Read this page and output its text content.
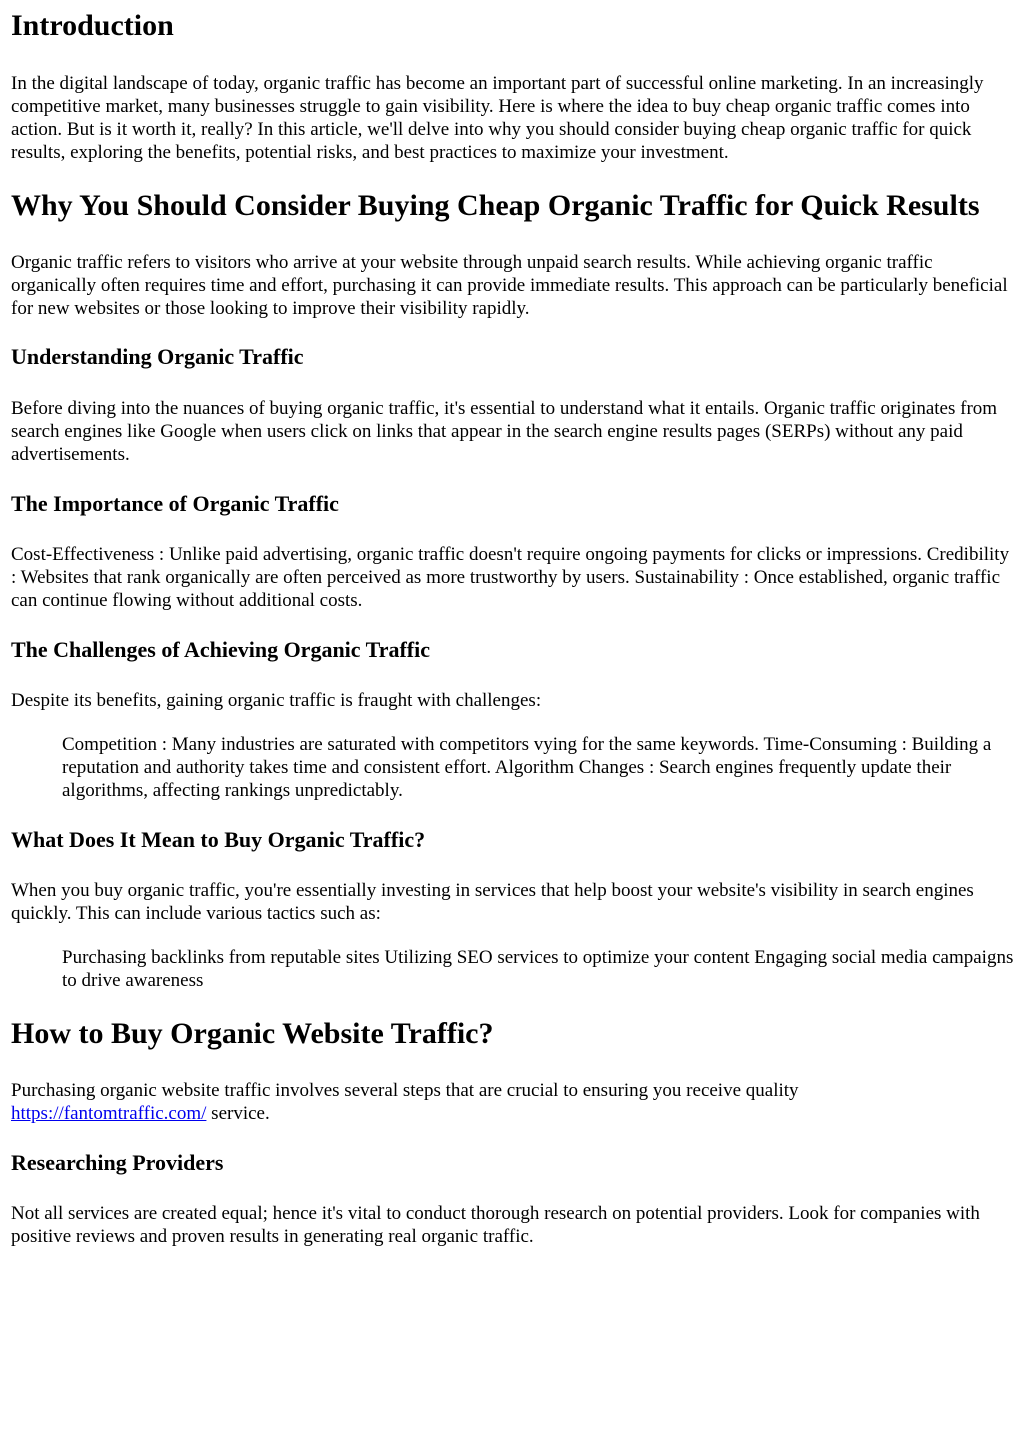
Introduction

In the digital landscape of today, organic traffic has become an important part of successful online marketing. In an increasingly competitive market, many businesses struggle to gain visibility. Here is where the idea to buy cheap organic traffic comes into action. But is it worth it, really? In this article, we'll delve into why you should consider buying cheap organic traffic for quick results, exploring the benefits, potential risks, and best practices to maximize your investment.

Why You Should Consider Buying Cheap Organic Traffic for Quick Results

Organic traffic refers to visitors who arrive at your website through unpaid search results. While achieving organic traffic organically often requires time and effort, purchasing it can provide immediate results. This approach can be particularly beneficial for new websites or those looking to improve their visibility rapidly.

Understanding Organic Traffic

Before diving into the nuances of buying organic traffic, it's essential to understand what it entails. Organic traffic originates from search engines like Google when users click on links that appear in the search engine results pages (SERPs) without any paid advertisements.

The Importance of Organic Traffic

Cost-Effectiveness : Unlike paid advertising, organic traffic doesn't require ongoing payments for clicks or impressions. Credibility : Websites that rank organically are often perceived as more trustworthy by users. Sustainability : Once established, organic traffic can continue flowing without additional costs.

The Challenges of Achieving Organic Traffic

Despite its benefits, gaining organic traffic is fraught with challenges:

Competition : Many industries are saturated with competitors vying for the same keywords. Time-Consuming : Building a reputation and authority takes time and consistent effort. Algorithm Changes : Search engines frequently update their algorithms, affecting rankings unpredictably.

What Does It Mean to Buy Organic Traffic?

When you buy organic traffic, you're essentially investing in services that help boost your website's visibility in search engines quickly. This can include various tactics such as:

Purchasing backlinks from reputable sites Utilizing SEO services to optimize your content Engaging social media campaigns to drive awareness

How to Buy Organic Website Traffic?

Purchasing organic website traffic involves several steps that are crucial to ensuring you receive quality
https://fantomtraffic.com/ service.

Researching Providers

Not all services are created equal; hence it's vital to conduct thorough research on potential providers. Look for companies with positive reviews and proven results in generating real organic traffic.
